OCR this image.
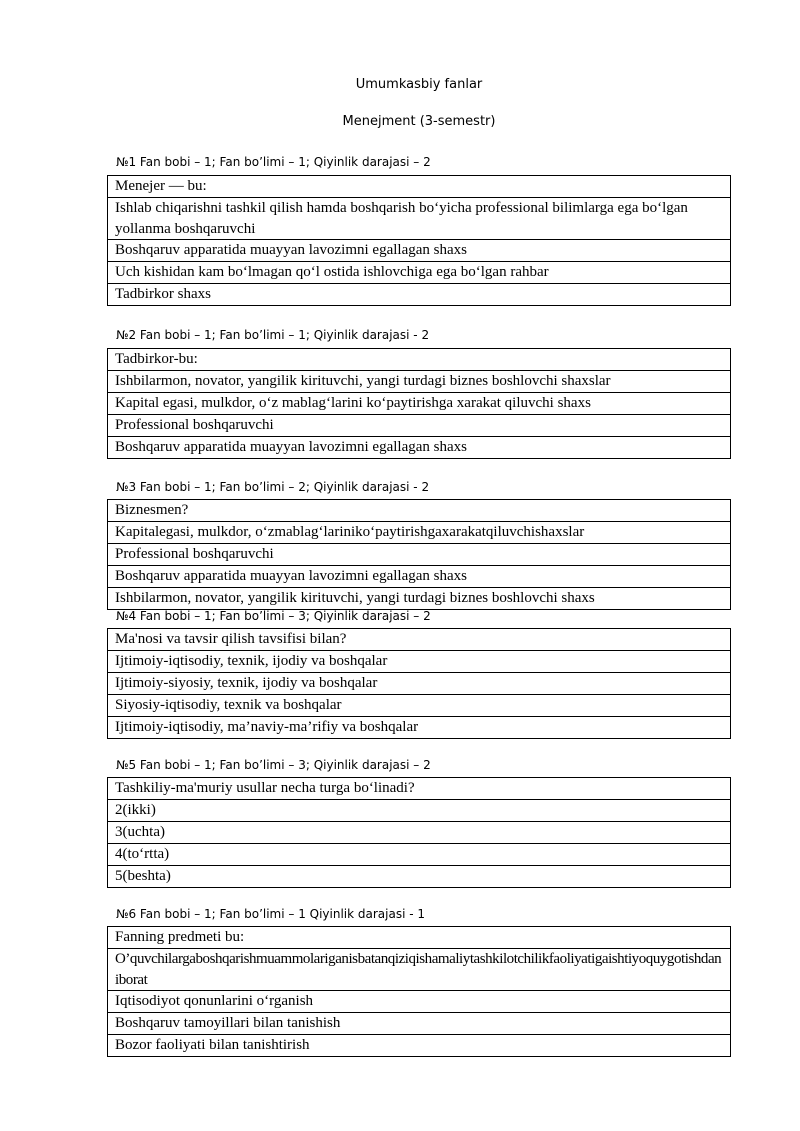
Umumkasbiy fanlar
Menejment (3-semestr)
№1 Fan bobi – 1; Fan bo’limi – 1; Qiyinlik darajasi – 2
Menejer — bu:
Ishlab chiqarishni tashkil qilish hamda boshqarish bo‘yicha professional bilimlarga ega bo‘lgan yollanma boshqaruvchi
Boshqaruv apparatida muayyan lavozimni egallagan shaxs
Uch kishidan kam bo‘lmagan qo‘l ostida ishlovchiga ega bo‘lgan rahbar
Tadbirkor shaxs
№2 Fan bobi – 1; Fan bo’limi – 1; Qiyinlik darajasi - 2
Tadbirkor-bu:
Ishbilarmon, novator, yangilik kirituvchi, yangi turdagi biznes boshlovchi shaxslar
Kapital egasi, mulkdor, o‘z mablag‘larini ko‘paytirishga xarakat qiluvchi shaxs
Professional boshqaruvchi
Boshqaruv apparatida muayyan lavozimni egallagan shaxs
№3 Fan bobi – 1; Fan bo’limi – 2; Qiyinlik darajasi - 2
Biznesmen?
Kapitalegasi, mulkdor, o‘zmablag‘lariniko‘paytirishgaxarakatqiluvchishaxslar
Professional boshqaruvchi
Boshqaruv apparatida muayyan lavozimni egallagan shaxs
Ishbilarmon, novator, yangilik kirituvchi, yangi turdagi biznes boshlovchi shaxs
№4 Fan bobi – 1; Fan bo’limi – 3; Qiyinlik darajasi – 2
Ma'nosi va tavsir qilish tavsifisi bilan?
Ijtimoiy-iqtisodiy, texnik, ijodiy va boshqalar
Ijtimoiy-siyosiy, texnik, ijodiy va boshqalar
Siyosiy-iqtisodiy, texnik va boshqalar
Ijtimoiy-iqtisodiy, ma’naviy-ma’rifiy va boshqalar
№5 Fan bobi – 1; Fan bo’limi – 3; Qiyinlik darajasi – 2
Tashkiliy-ma'muriy usullar necha turga bo‘linadi?
2(ikki)
3(uchta)
4(to‘rtta)
5(beshta)
№6 Fan bobi – 1; Fan bo’limi – 1 Qiyinlik darajasi - 1
Fanning predmeti bu:
O’quvchilargaboshqarishmuammolariganisbatanqiziqishamaliytashkilotchilikfaoliyatigaishtiyoquygotishdaniborat
Iqtisodiyot qonunlarini o‘rganish
Boshqaruv tamoyillari bilan tanishish
Bozor faoliyati bilan tanishtirish
